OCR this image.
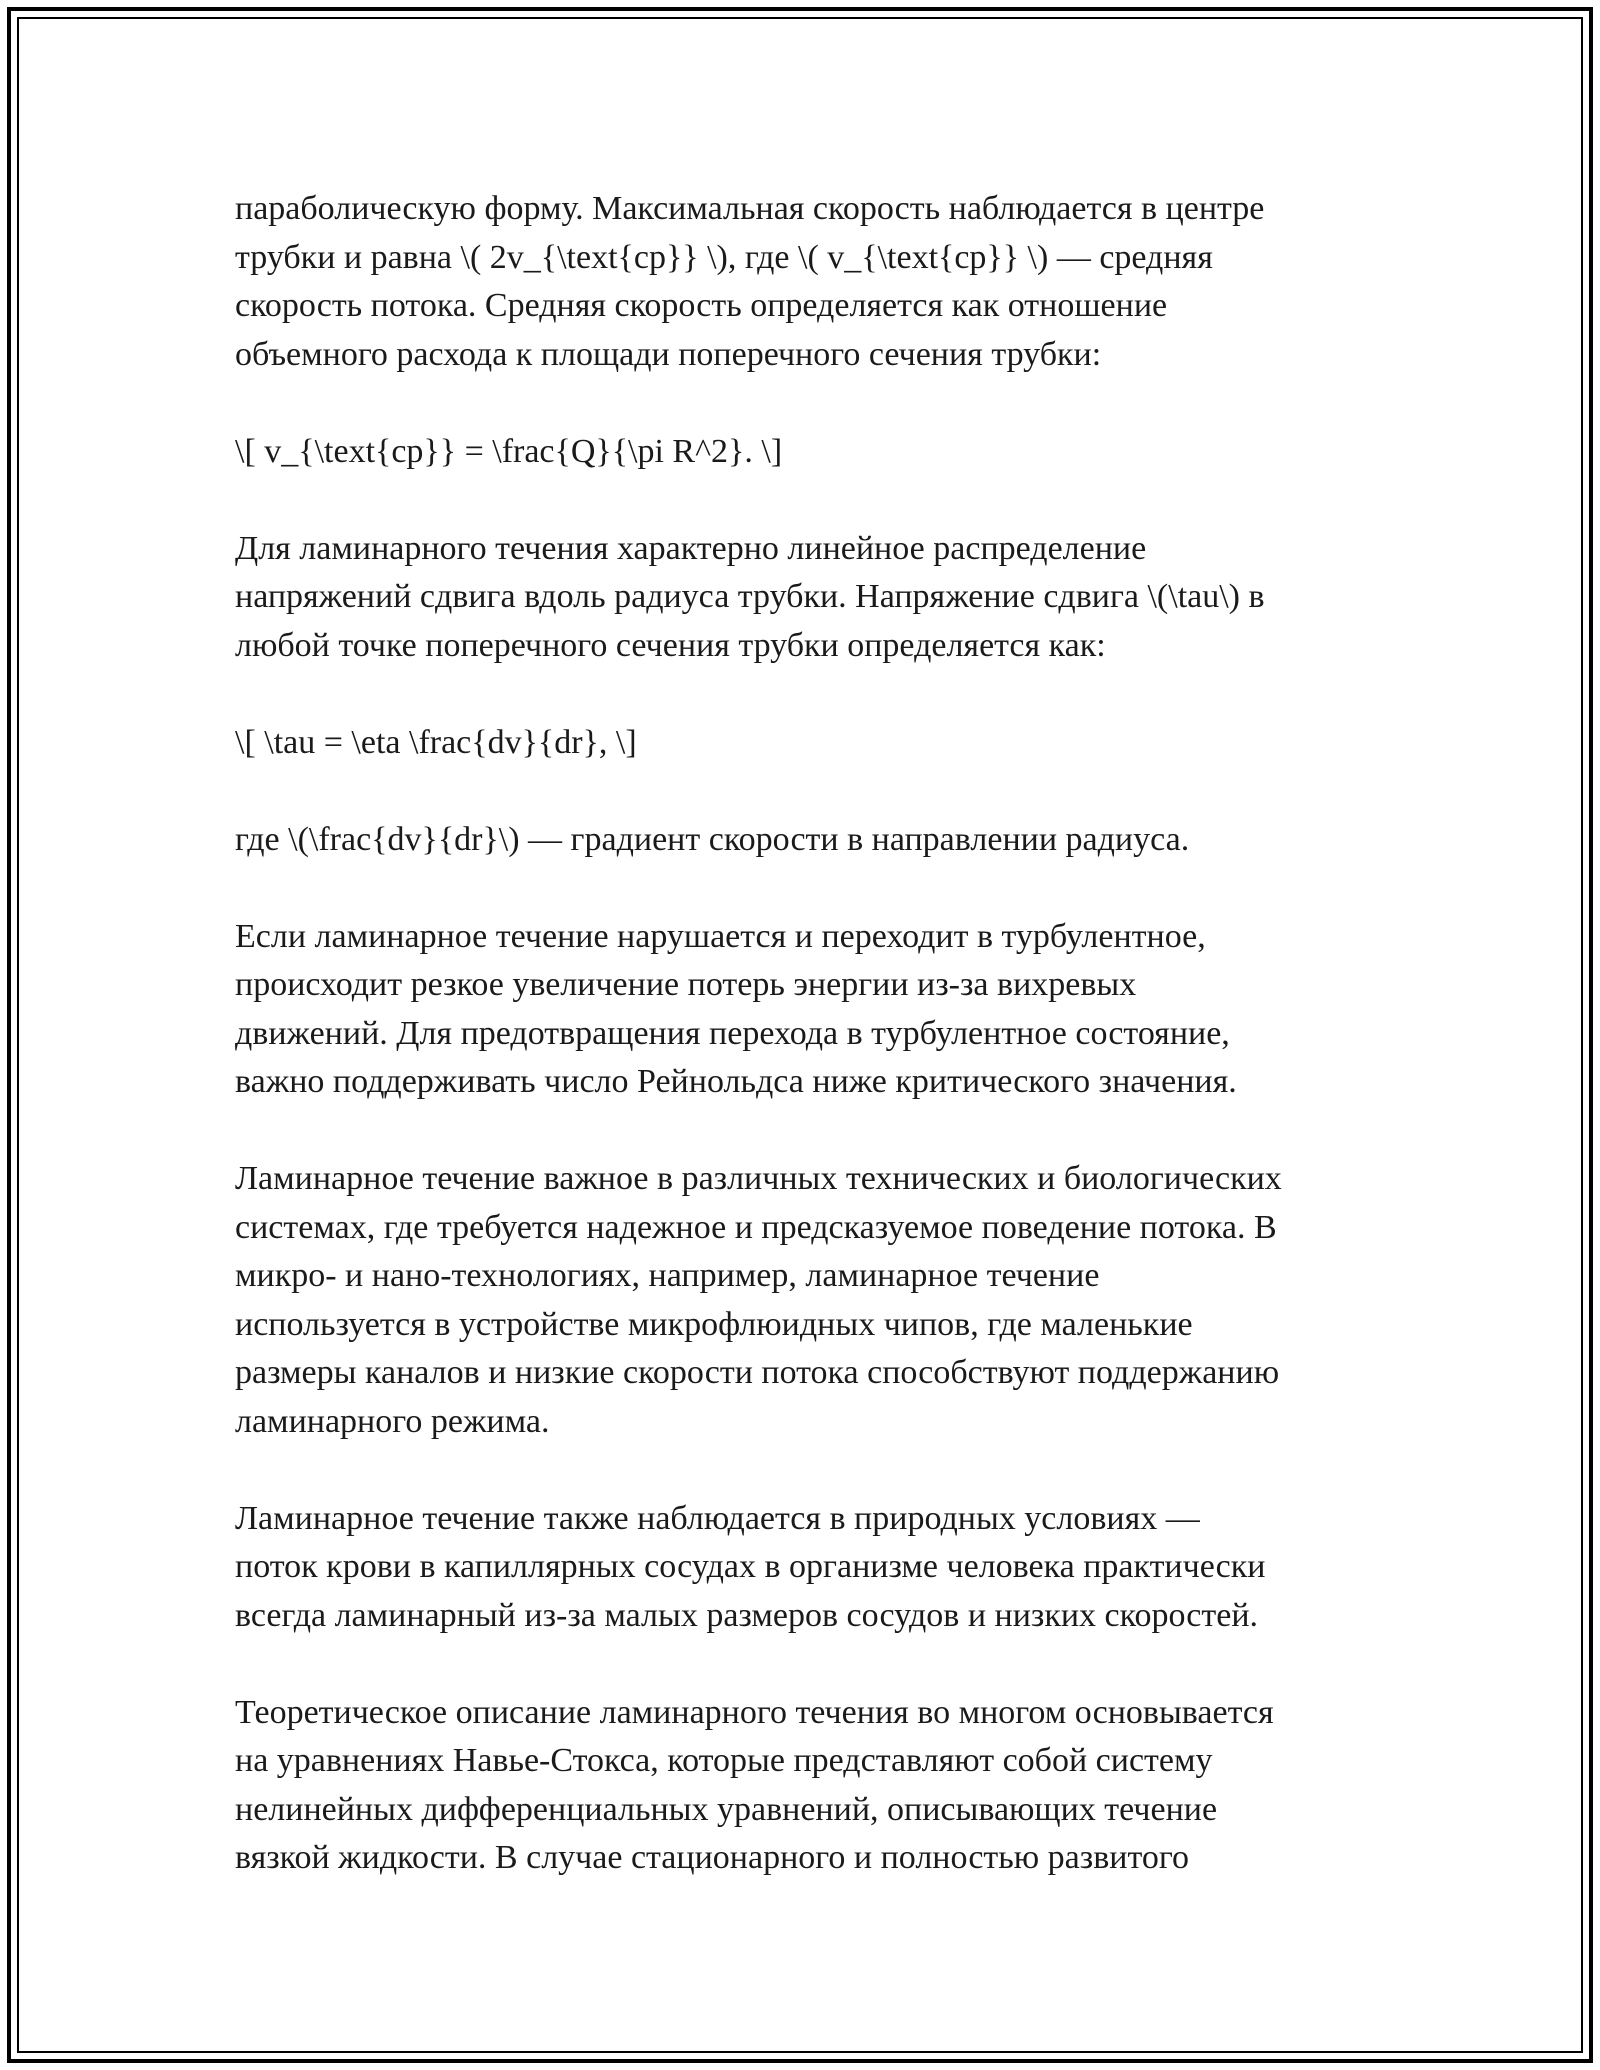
параболическую форму. Максимальная скорость наблюдается в центре
трубки и равна \( 2v_{\text{cp}} \), где \( v_{\text{cp}} \) — средняя
скорость потока. Средняя скорость определяется как отношение
объемного расхода к площади поперечного сечения трубки:

\[ v_{\text{cp}} = \frac{Q}{\pi R^2}. \]

Для ламинарного течения характерно линейное распределение
напряжений сдвига вдоль радиуса трубки. Напряжение сдвига \(\tau\) в
любой точке поперечного сечения трубки определяется как:

\[ \tau = \eta \frac{dv}{dr}, \]

где \(\frac{dv}{dr}\) — градиент скорости в направлении радиуса.

Если ламинарное течение нарушается и переходит в турбулентное,
происходит резкое увеличение потерь энергии из-за вихревых
движений. Для предотвращения перехода в турбулентное состояние,
важно поддерживать число Рейнольдса ниже критического значения.

Ламинарное течение важное в различных технических и биологических
системах, где требуется надежное и предсказуемое поведение потока. В
микро- и нано-технологиях, например, ламинарное течение
используется в устройстве микрофлюидных чипов, где маленькие
размеры каналов и низкие скорости потока способствуют поддержанию
ламинарного режима.

Ламинарное течение также наблюдается в природных условиях —
поток крови в капиллярных сосудах в организме человека практически
всегда ламинарный из-за малых размеров сосудов и низких скоростей.

Теоретическое описание ламинарного течения во многом основывается
на уравнениях Навье-Стокса, которые представляют собой систему
нелинейных дифференциальных уравнений, описывающих течение
вязкой жидкости. В случае стационарного и полностью развитого
